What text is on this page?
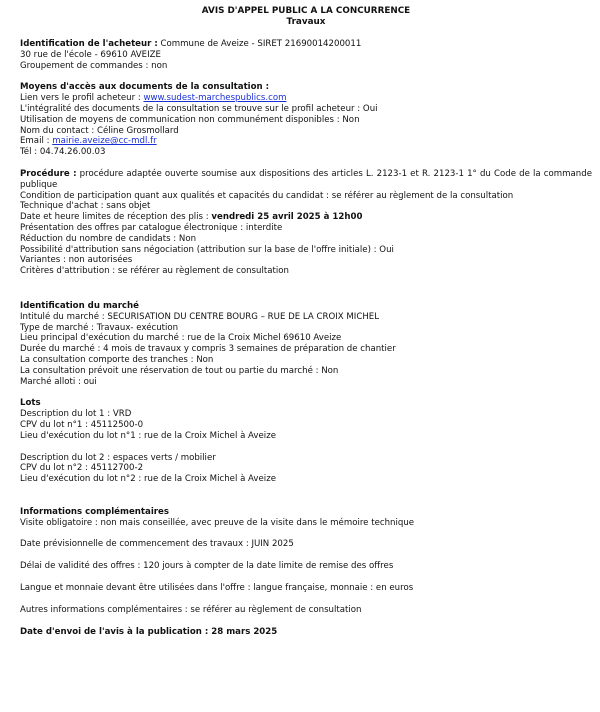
AVIS D'APPEL PUBLIC A LA CONCURRENCE
Travaux
Identification de l'acheteur : Commune de Aveize - SIRET 21690014200011
30 rue de l'école - 69610 AVEIZE
Groupement de commandes : non
Moyens d'accès aux documents de la consultation :
Lien vers le profil acheteur : www.sudest-marchespublics.com
L'intégralité des documents de la consultation se trouve sur le profil acheteur : Oui
Utilisation de moyens de communication non communément disponibles : Non
Nom du contact : Céline Grosmollard
Email : mairie.aveize@cc-mdl.fr
Tél : 04.74.26.00.03
Procédure : procédure adaptée ouverte soumise aux dispositions des articles L. 2123-1 et R. 2123-1 1° du Code de la commande publique
Condition de participation quant aux qualités et capacités du candidat : se référer au règlement de la consultation
Technique d'achat : sans objet
Date et heure limites de réception des plis : vendredi 25 avril 2025 à 12h00
Présentation des offres par catalogue électronique : interdite
Réduction du nombre de candidats : Non
Possibilité d'attribution sans négociation (attribution sur la base de l'offre initiale) : Oui
Variantes : non autorisées
Critères d'attribution : se référer au règlement de consultation
Identification du marché
Intitulé du marché : SECURISATION DU CENTRE BOURG – RUE DE LA CROIX MICHEL
Type de marché : Travaux- exécution
Lieu principal d'exécution du marché : rue de la Croix Michel 69610 Aveize
Durée du marché : 4 mois de travaux y compris 3 semaines de préparation de chantier
La consultation comporte des tranches : Non
La consultation prévoit une réservation de tout ou partie du marché : Non
Marché alloti : oui
Lots
Description du lot 1 : VRD
CPV du lot n°1 : 45112500-0
Lieu d'exécution du lot n°1 : rue de la Croix Michel à Aveize
Description du lot 2 : espaces verts / mobilier
CPV du lot n°2 : 45112700-2
Lieu d'exécution du lot n°2 : rue de la Croix Michel à Aveize
Informations complémentaires
Visite obligatoire : non mais conseillée, avec preuve de la visite dans le mémoire technique
Date prévisionnelle de commencement des travaux : JUIN 2025
Délai de validité des offres : 120 jours à compter de la date limite de remise des offres
Langue et monnaie devant être utilisées dans l'offre : langue française, monnaie : en euros
Autres informations complémentaires : se référer au règlement de consultation
Date d'envoi de l'avis à la publication : 28 mars 2025
